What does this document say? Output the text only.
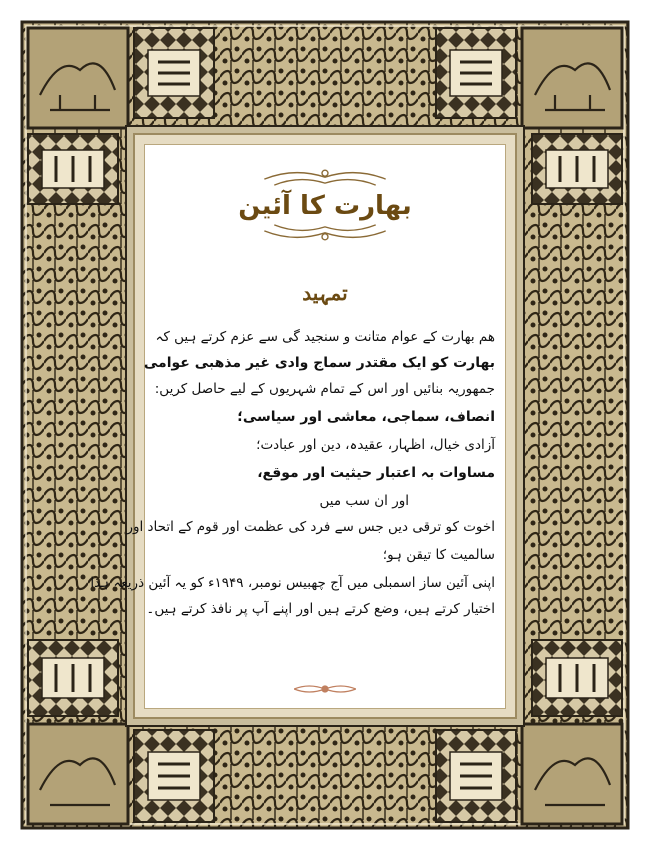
بھارت کا آئین
تمہید
ھم بھارت کے عوام متانت و سنجید گی سے عزم کرتے ہیں کہ
بھارت کو ایک مقتدر سماج وادی غیر مذھبی عوامی
جمھوریہ بنائیں اور اس کے تمام شہریوں کے لیے حاصل کریں:
انصاف، سماجی، معاشی اور سیاسی؛
آزادی خیال، اظہار، عقیدہ، دین اور عبادت؛
مساوات بہ اعتبار حیثیت اور موقع،
اور ان سب میں
اخوت کو ترقی دیں جس سے فرد کی عظمت اور قوم کے اتحاد اور
سالمیت کا تیقن ہو؛
اپنی آئین ساز اسمبلی میں آج چھبیس نومبر، ۱۹۴۹ء کو یہ آئین ذریعہ ہذا
اختیار کرتے ہیں، وضع کرتے ہیں اور اپنے آپ پر نافذ کرتے ہیں۔
